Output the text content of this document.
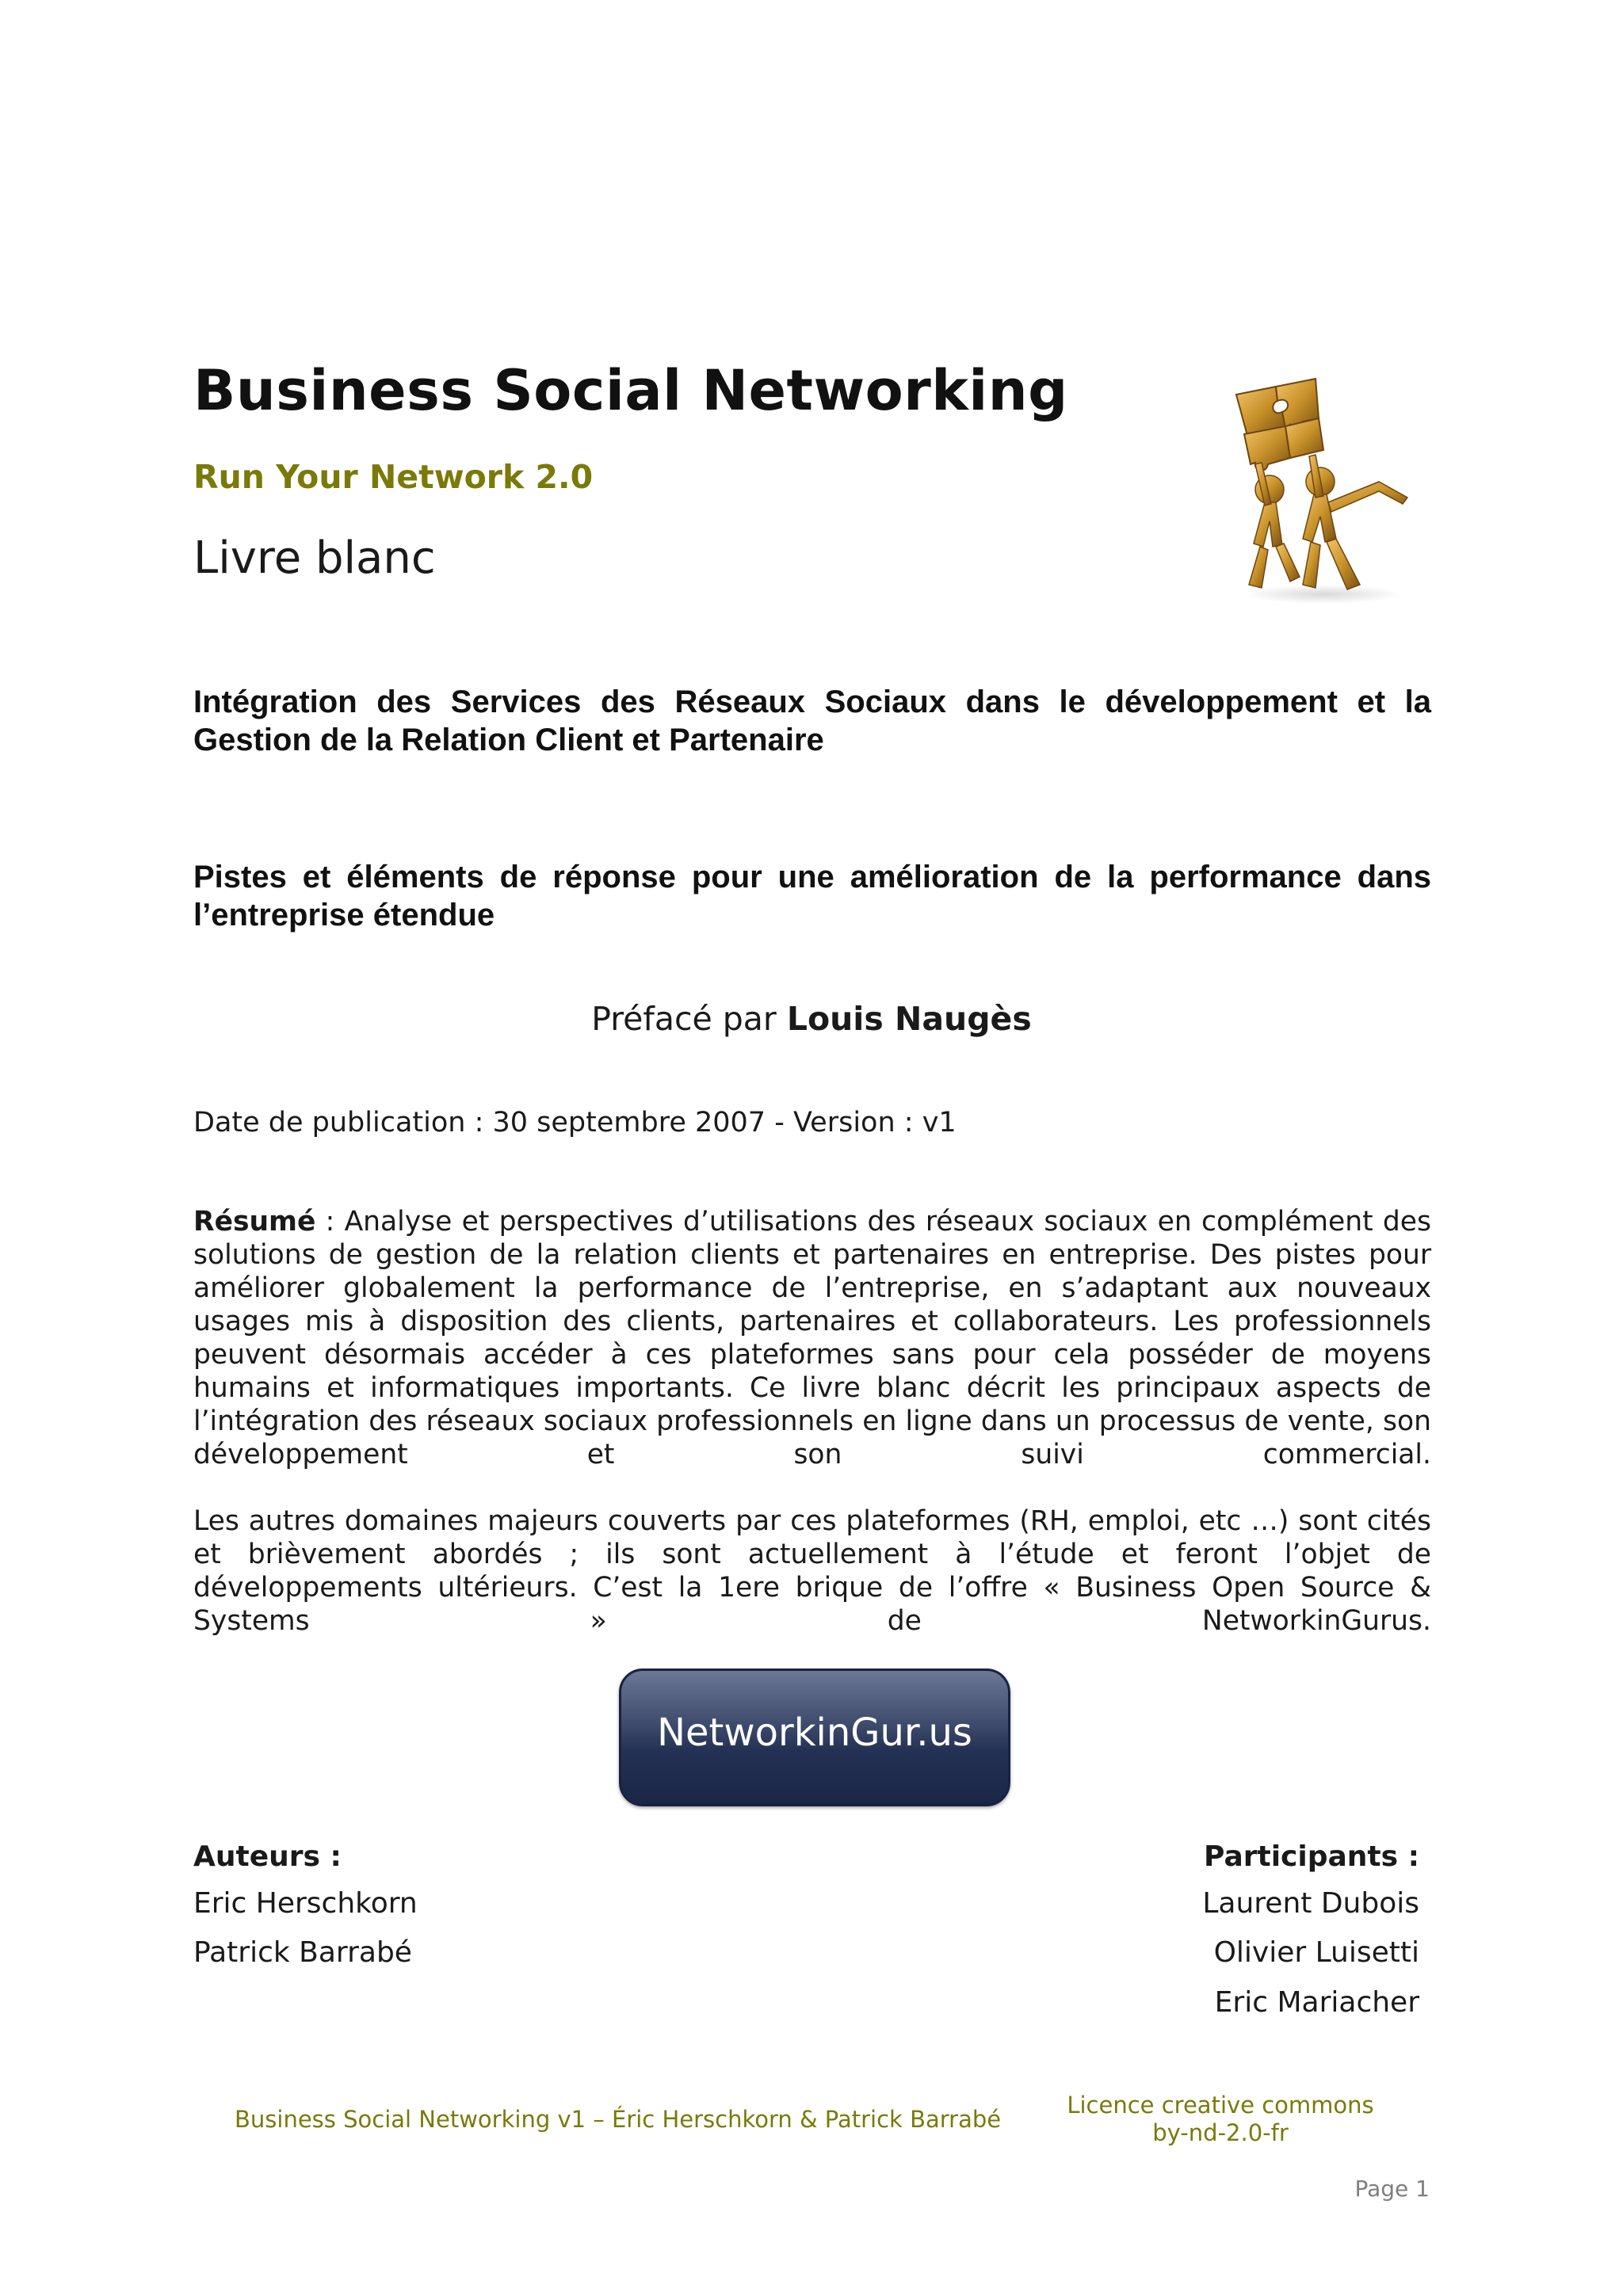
Business Social Networking
Run Your Network 2.0
Livre blanc
Intégration des Services des Réseaux Sociaux dans le développement et la Gestion de la Relation Client et Partenaire
Pistes et éléments de réponse pour une amélioration de la performance dans l’entreprise étendue
Préfacé par Louis Naugès
Date de publication : 30 septembre 2007 - Version : v1
Résumé : Analyse et perspectives d’utilisations des réseaux sociaux en complément des solutions de gestion de la relation clients et partenaires en entreprise. Des pistes pour améliorer globalement la performance de l’entreprise, en s’adaptant aux nouveaux usages mis à disposition des clients, partenaires et collaborateurs. Les professionnels peuvent désormais accéder à ces plateformes sans pour cela posséder de moyens humains et informatiques importants. Ce livre blanc décrit les principaux aspects de l’intégration des réseaux sociaux professionnels en ligne dans un processus de vente, son développement et son suivi commercial.
Les autres domaines majeurs couverts par ces plateformes (RH, emploi, etc …) sont cités et brièvement abordés ; ils sont actuellement à l’étude et feront l’objet de développements ultérieurs. C’est la 1ere brique de l’offre « Business Open Source & Systems » de NetworkinGurus.
NetworkinGur.us
Auteurs :
Eric Herschkorn
Patrick Barrabé
Participants :
Laurent Dubois
Olivier Luisetti
Eric Mariacher
Business Social Networking v1 – Éric Herschkorn & Patrick Barrabé
Licence creative commons
by-nd-2.0-fr
Page 1
